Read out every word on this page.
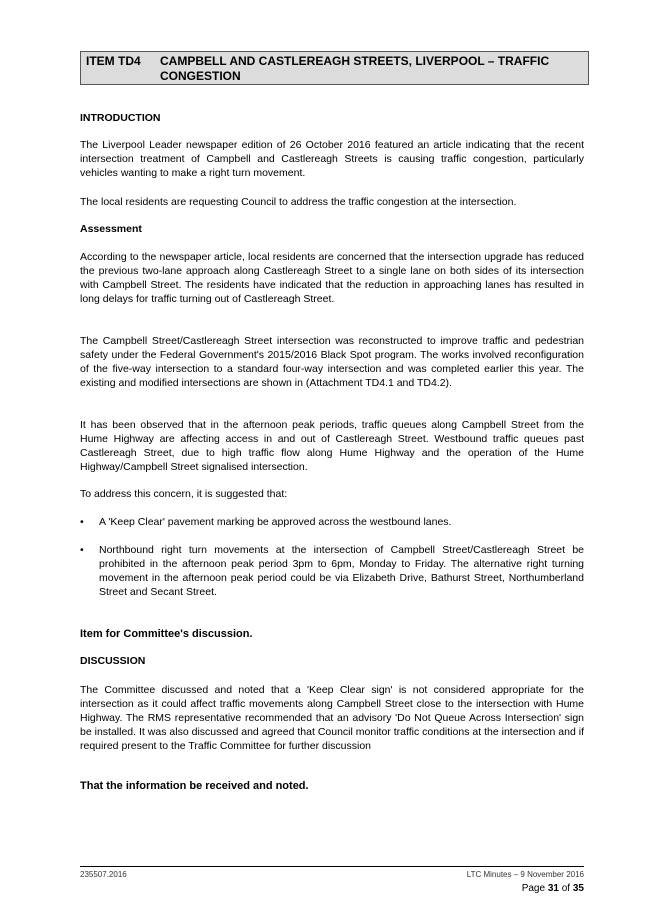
ITEM TD4 CAMPBELL AND CASTLEREAGH STREETS, LIVERPOOL – TRAFFIC CONGESTION
INTRODUCTION

The Liverpool Leader newspaper edition of 26 October 2016 featured an article indicating that the recent intersection treatment of Campbell and Castlereagh Streets is causing traffic congestion, particularly vehicles wanting to make a right turn movement.

The local residents are requesting Council to address the traffic congestion at the intersection.

Assessment

According to the newspaper article, local residents are concerned that the intersection upgrade has reduced the previous two-lane approach along Castlereagh Street to a single lane on both sides of its intersection with Campbell Street. The residents have indicated that the reduction in approaching lanes has resulted in long delays for traffic turning out of Castlereagh Street.

The Campbell Street/Castlereagh Street intersection was reconstructed to improve traffic and pedestrian safety under the Federal Government's 2015/2016 Black Spot program. The works involved reconfiguration of the five-way intersection to a standard four-way intersection and was completed earlier this year. The existing and modified intersections are shown in (Attachment TD4.1 and TD4.2).

It has been observed that in the afternoon peak periods, traffic queues along Campbell Street from the Hume Highway are affecting access in and out of Castlereagh Street. Westbound traffic queues past Castlereagh Street, due to high traffic flow along Hume Highway and the operation of the Hume Highway/Campbell Street signalised intersection.

To address this concern, it is suggested that:

• A 'Keep Clear' pavement marking be approved across the westbound lanes.
• Northbound right turn movements at the intersection of Campbell Street/Castlereagh Street be prohibited in the afternoon peak period 3pm to 6pm, Monday to Friday. The alternative right turning movement in the afternoon peak period could be via Elizabeth Drive, Bathurst Street, Northumberland Street and Secant Street.
Item for Committee's discussion.
DISCUSSION

The Committee discussed and noted that a 'Keep Clear sign' is not considered appropriate for the intersection as it could affect traffic movements along Campbell Street close to the intersection with Hume Highway. The RMS representative recommended that an advisory 'Do Not Queue Across Intersection' sign be installed. It was also discussed and agreed that Council monitor traffic conditions at the intersection and if required present to the Traffic Committee for further discussion

That the information be received and noted.
235507.2016	LTC Minutes – 9 November 2016
Page 31 of 35
